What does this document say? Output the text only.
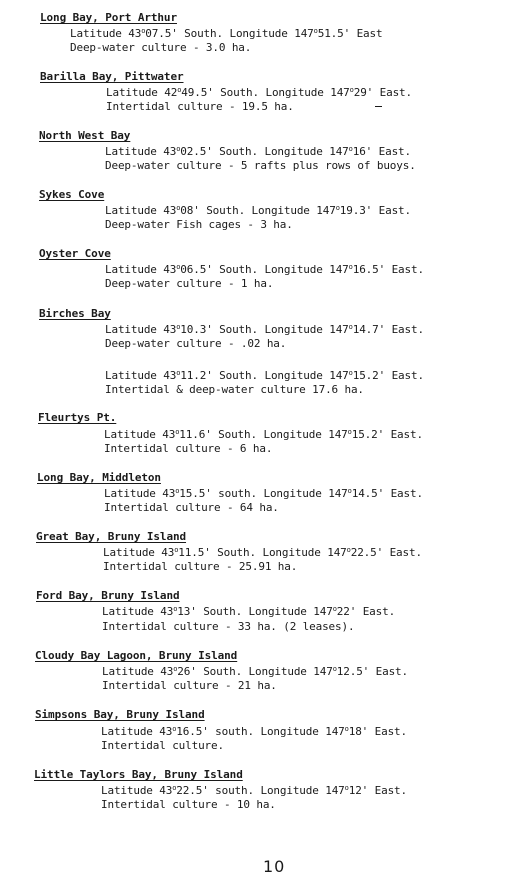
Long Bay, Port Arthur
Latitude 43$^o$07.5' South. Longitude 147$^o$51.5' East
Deep-water culture - 3.0 ha.
Barilla Bay, Pittwater
Latitude 42$^o$49.5' South. Longitude 147$^o$29' East.
Intertidal culture - 19.5 ha.
North West Bay
Latitude 43$^o$02.5' South. Longitude 147$^o$16' East.
Deep-water culture - 5 rafts plus rows of buoys.
Sykes Cove
Latitude 43$^o$08' South. Longitude 147$^o$19.3' East.
Deep-water Fish cages - 3 ha.
Oyster Cove
Latitude 43$^o$06.5' South. Longitude 147$^o$16.5' East.
Deep-water culture - 1 ha.
Birches Bay
Latitude 43$^o$10.3' South. Longitude 147$^o$14.7' East.
Deep-water culture - .02 ha.
Latitude 43$^o$11.2' South. Longitude 147$^o$15.2' East.
Intertidal & deep-water culture 17.6 ha.
Fleurtys Pt.
Latitude 43$^o$11.6' South. Longitude 147$^o$15.2' East.
Intertidal culture - 6 ha.
Long Bay, Middleton
Latitude 43$^o$15.5' south. Longitude 147$^o$14.5' East.
Intertidal culture - 64 ha.
Great Bay, Bruny Island
Latitude 43$^o$11.5' South. Longitude 147$^o$22.5' East.
Intertidal culture - 25.91 ha.
Ford Bay, Bruny Island
Latitude 43$^o$13' South. Longitude 147$^o$22' East.
Intertidal culture - 33 ha. (2 leases).
Cloudy Bay Lagoon, Bruny Island
Latitude 43$^o$26' South. Longitude 147$^o$12.5' East.
Intertidal culture - 21 ha.
Simpsons Bay, Bruny Island
Latitude 43$^o$16.5' south. Longitude 147$^o$18' East.
Intertidal culture.
Little Taylors Bay, Bruny Island
Latitude 43$^o$22.5' south. Longitude 147$^o$12' East.
Intertidal culture - 10 ha.
10
